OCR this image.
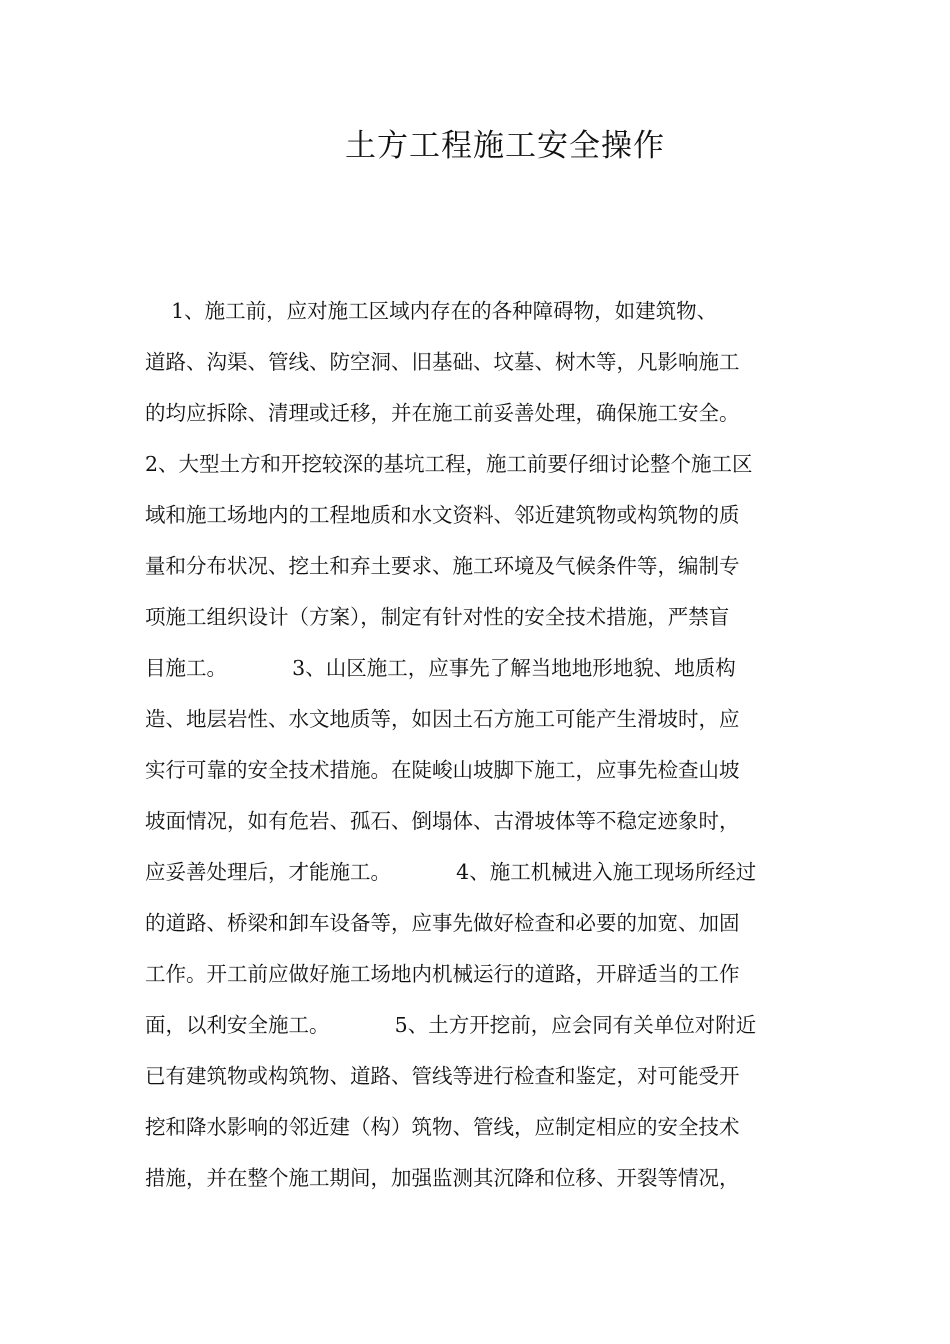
土方工程施工安全操作
1、施工前，应对施工区域内存在的各种障碍物，如建筑物、
道路、沟渠、管线、防空洞、旧基础、坟墓、树木等，凡影响施工
的均应拆除、清理或迁移，并在施工前妥善处理，确保施工安全。
2、大型土方和开挖较深的基坑工程，施工前要仔细讨论整个施工区
域和施工场地内的工程地质和水文资料、邻近建筑物或构筑物的质
量和分布状况、挖土和弃土要求、施工环境及气候条件等，编制专
项施工组织设计（方案），制定有针对性的安全技术措施，严禁盲
目施工。          3、山区施工，应事先了解当地地形地貌、地质构
造、地层岩性、水文地质等，如因土石方施工可能产生滑坡时，应
实行可靠的安全技术措施。在陡峻山坡脚下施工，应事先检查山坡
坡面情况，如有危岩、孤石、倒塌体、古滑坡体等不稳定迹象时，
应妥善处理后，才能施工。          4、施工机械进入施工现场所经过
的道路、桥梁和卸车设备等，应事先做好检查和必要的加宽、加固
工作。开工前应做好施工场地内机械运行的道路，开辟适当的工作
面，以利安全施工。          5、土方开挖前，应会同有关单位对附近
已有建筑物或构筑物、道路、管线等进行检查和鉴定，对可能受开
挖和降水影响的邻近建（构）筑物、管线，应制定相应的安全技术
措施，并在整个施工期间，加强监测其沉降和位移、开裂等情况，
